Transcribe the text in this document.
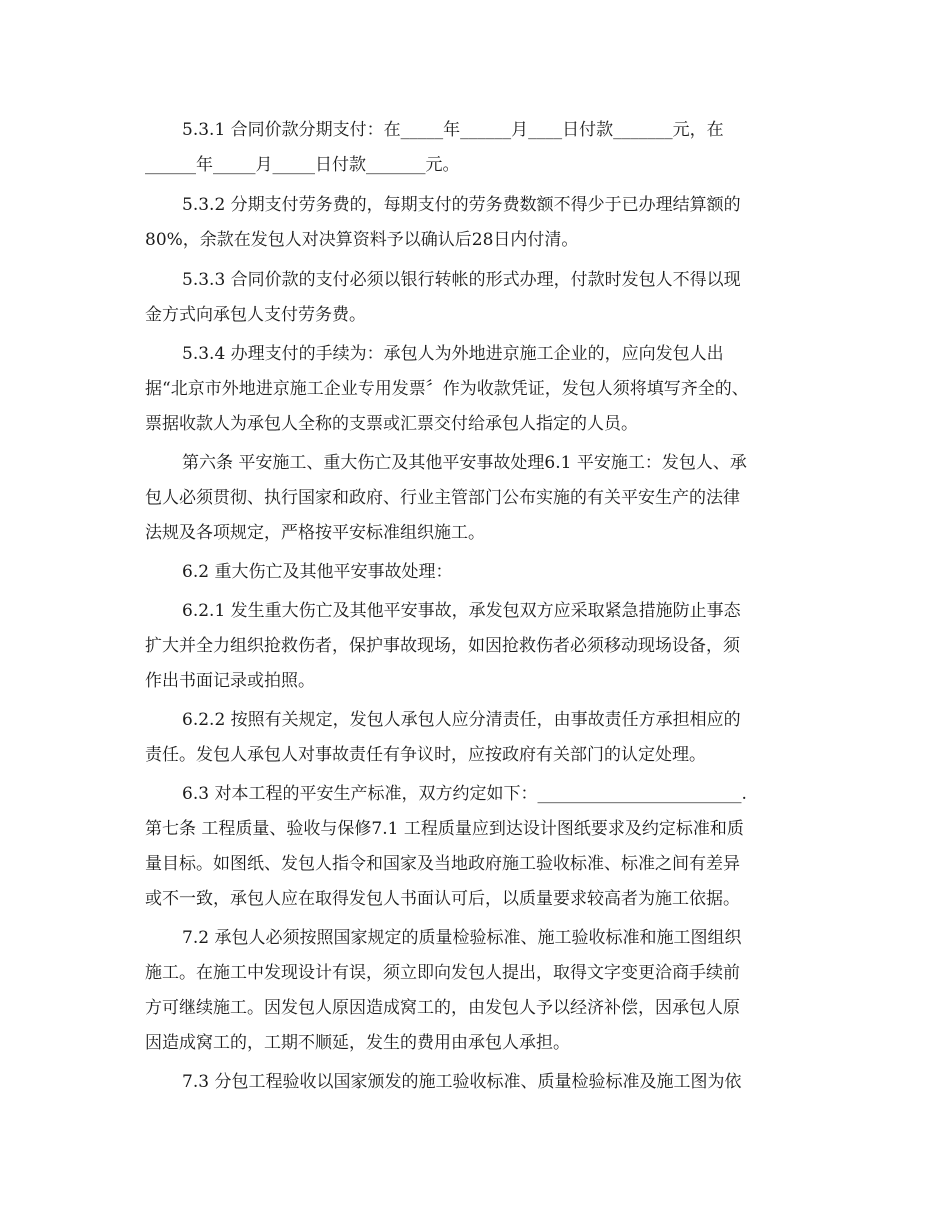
5.3.1 合同价款分期支付：在_____年______月____日付款_______元，在
______年_____月_____日付款_______元。
5.3.2 分期支付劳务费的，每期支付的劳务费数额不得少于已办理结算额的
80%，余款在发包人对决算资料予以确认后28日内付清。
5.3.3 合同价款的支付必须以银行转帐的形式办理，付款时发包人不得以现
金方式向承包人支付劳务费。
5.3.4 办理支付的手续为：承包人为外地进京施工企业的，应向发包人出
据“北京市外地进京施工企业专用发票〞作为收款凭证，发包人须将填写齐全的、
票据收款人为承包人全称的支票或汇票交付给承包人指定的人员。
第六条 平安施工、重大伤亡及其他平安事故处理6.1 平安施工：发包人、承
包人必须贯彻、执行国家和政府、行业主管部门公布实施的有关平安生产的法律
法规及各项规定，严格按平安标准组织施工。
6.2 重大伤亡及其他平安事故处理：
6.2.1 发生重大伤亡及其他平安事故，承发包双方应采取紧急措施防止事态
扩大并全力组织抢救伤者，保护事故现场，如因抢救伤者必须移动现场设备，须
作出书面记录或拍照。
6.2.2 按照有关规定，发包人承包人应分清责任，由事故责任方承担相应的
责任。发包人承包人对事故责任有争议时，应按政府有关部门的认定处理。
6.3 对本工程的平安生产标准，双方约定如下：________________________.
第七条 工程质量、验收与保修7.1 工程质量应到达设计图纸要求及约定标准和质
量目标。如图纸、发包人指令和国家及当地政府施工验收标准、标准之间有差异
或不一致，承包人应在取得发包人书面认可后，以质量要求较高者为施工依据。
7.2 承包人必须按照国家规定的质量检验标准、施工验收标准和施工图组织
施工。在施工中发现设计有误，须立即向发包人提出，取得文字变更洽商手续前
方可继续施工。因发包人原因造成窝工的，由发包人予以经济补偿，因承包人原
因造成窝工的，工期不顺延，发生的费用由承包人承担。
7.3 分包工程验收以国家颁发的施工验收标准、质量检验标准及施工图为依
